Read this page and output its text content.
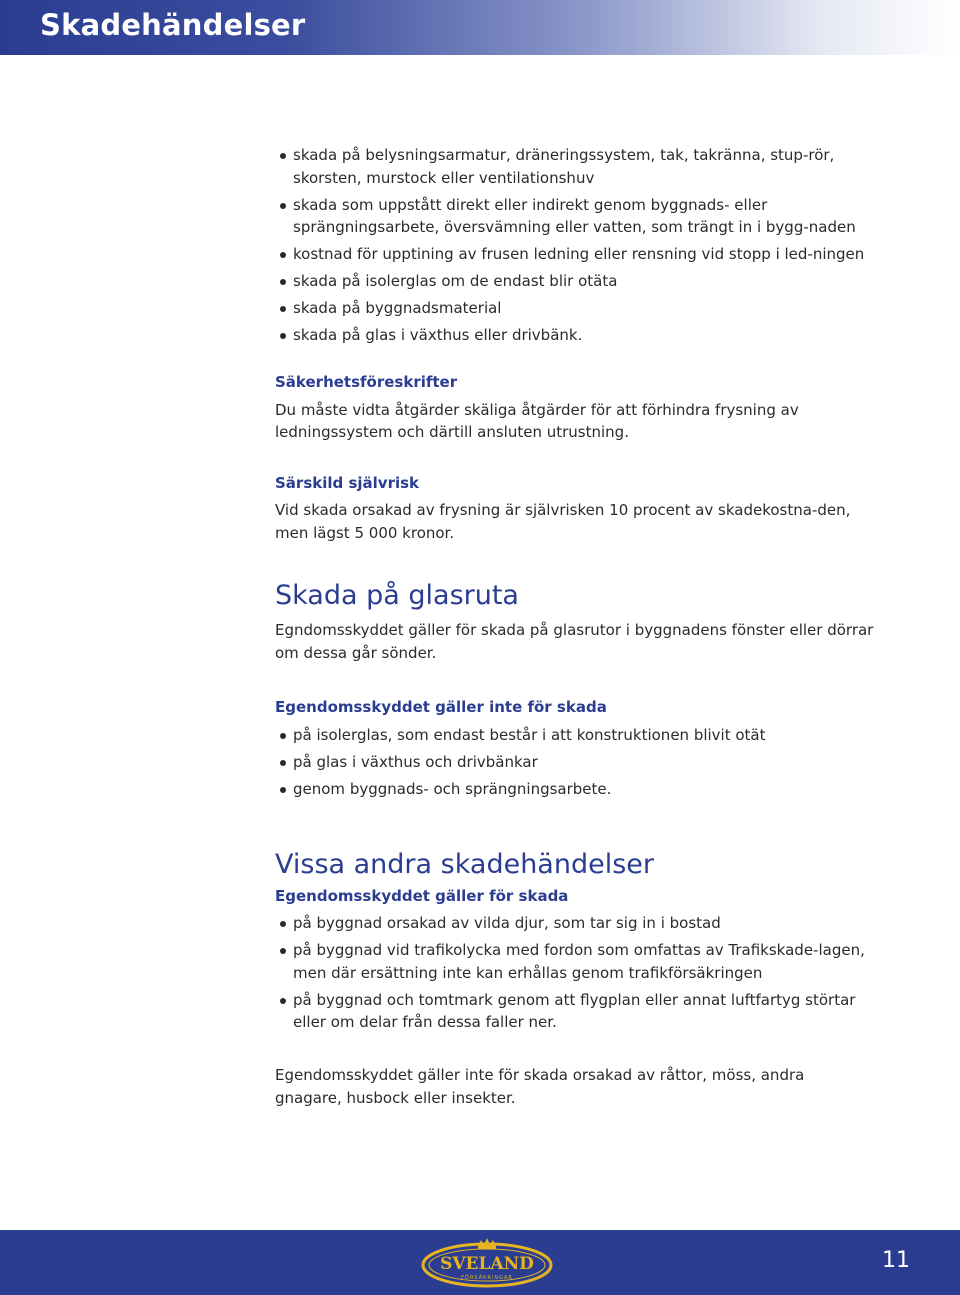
Skadehändelser
skada på belysningsarmatur, dräneringssystem, tak, takränna, stup-rör, skorsten, murstock eller ventilationshuv
skada som uppstått direkt eller indirekt genom byggnads- eller sprängningsarbete, översvämning eller vatten, som trängt in i bygg-naden
kostnad för upptining av frusen ledning eller rensning vid stopp i led-ningen
skada på isolerglas om de endast blir otäta
skada på byggnadsmaterial
skada på glas i växthus eller drivbänk.

Säkerhetsföreskrifter

Du måste vidta åtgärder skäliga åtgärder för att förhindra frysning av ledningssystem och därtill ansluten utrustning.

Särskild självrisk

Vid skada orsakad av frysning är självrisken 10 procent av skadekostna-den, men lägst 5 000 kronor.

Skada på glasruta

Egndomsskyddet gäller för skada på glasrutor i byggnadens fönster eller dörrar om dessa går sönder.

Egendomsskyddet gäller inte för skada

på isolerglas, som endast består i att konstruktionen blivit otät
på glas i växthus och drivbänkar
genom byggnads- och sprängningsarbete.
Vissa andra skadehändelser

Egendomsskyddet gäller för skada

på byggnad orsakad av vilda djur, som tar sig in i bostad
på byggnad vid trafikolycka med fordon som omfattas av Trafikskade-lagen, men där ersättning inte kan erhållas genom trafikförsäkringen
på byggnad och tomtmark genom att flygplan eller annat luftfartyg störtar eller om delar från dessa faller ner.

Egendomsskyddet gäller inte för skada orsakad av råttor, möss, andra gnagare, husbock eller insekter.

SVELAND
FÖRSÄKRINGAR
11
